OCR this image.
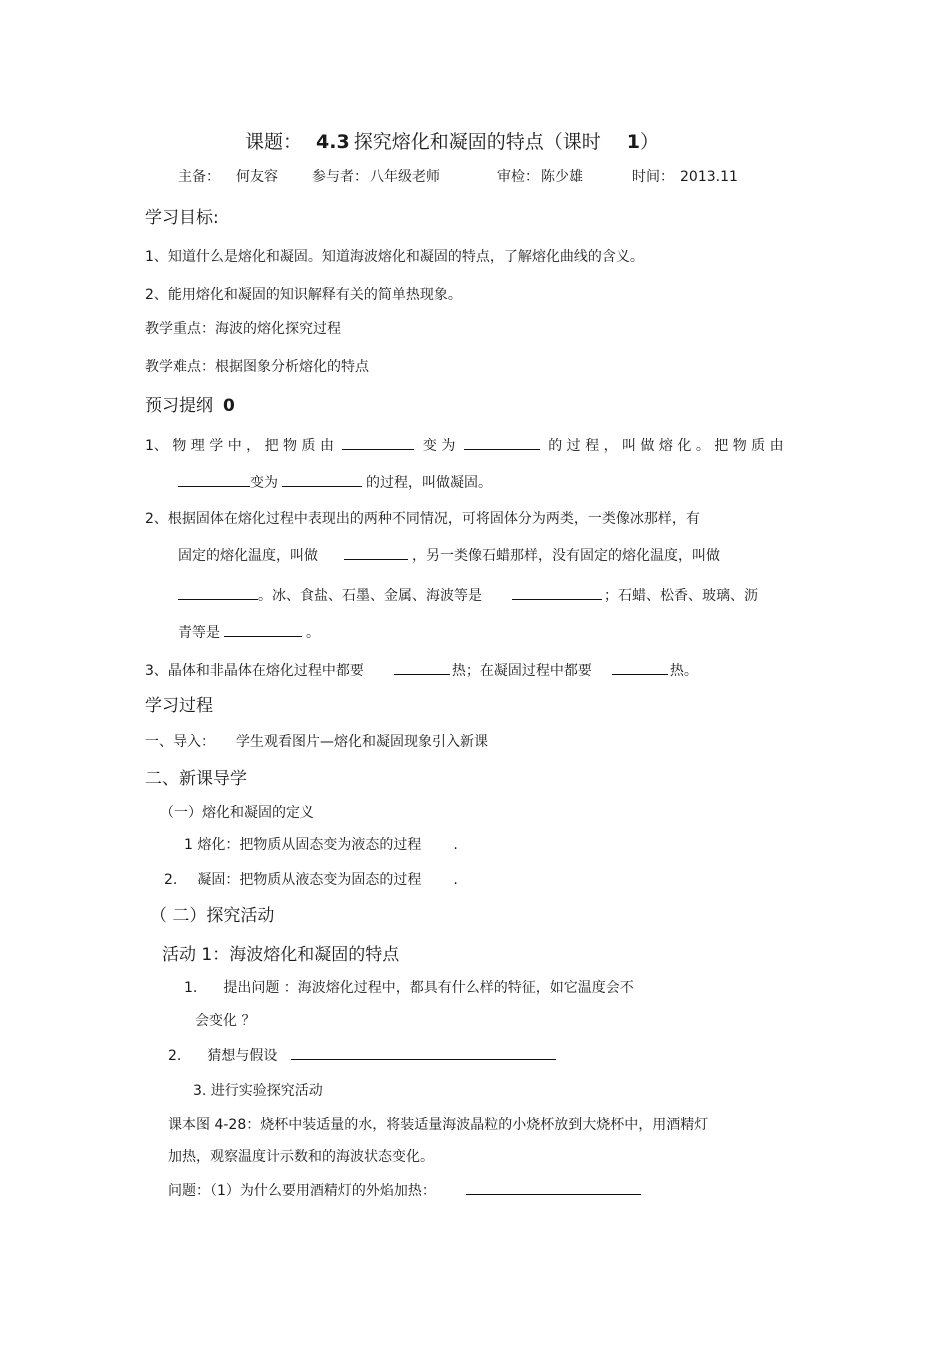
课题： 4.3 探究熔化和凝固的特点（课时 1）
主备： 何友容 参与者： 八年级老师	审检： 陈少雄	时间： 2013.11
学习目标:
1、知道什么是熔化和凝固。知道海波熔化和凝固的特点，了解熔化曲线的含义。
2、能用熔化和凝固的知识解释有关的简单热现象。
教学重点：海波的熔化探究过程
教学难点：根据图象分析熔化的特点
预习提纲 0
1、 物 理 学 中 ， 把 物 质 由	变 为	的 过 程 ， 叫 做 熔 化 。 把 物 质 由
变为	的过程，叫做凝固。
2、根据固体在熔化过程中表现出的两种不同情况，可将固体分为两类，一类像冰那样，有
固定的熔化温度，叫做	，另一类像石蜡那样，没有固定的熔化温度，叫做
。冰、食盐、石墨、金属、海波等是	；石蜡、松香、玻璃、沥
青等是	。
3、晶体和非晶体在熔化过程中都要	热；在凝固过程中都要	热。
学习过程
一、导入： 学生观看图片—熔化和凝固现象引入新课
二、新课导学
（一）熔化和凝固的定义
1 熔化：把物质从固态变为液态的过程 .
2. 凝固：把物质从液态变为固态的过程 .
（ 二）探究活动
活动 1：海波熔化和凝固的特点
1. 提出问题 ：海波熔化过程中，都具有什么样的特征，如它温度会不
会变化 ？
2. 猜想与假设
3. 进行实验探究活动
课本图 4-28：烧杯中装适量的水，将装适量海波晶粒的小烧杯放到大烧杯中，用酒精灯
加热，观察温度计示数和的海波状态变化。
问题：（1）为什么要用酒精灯的外焰加热：
